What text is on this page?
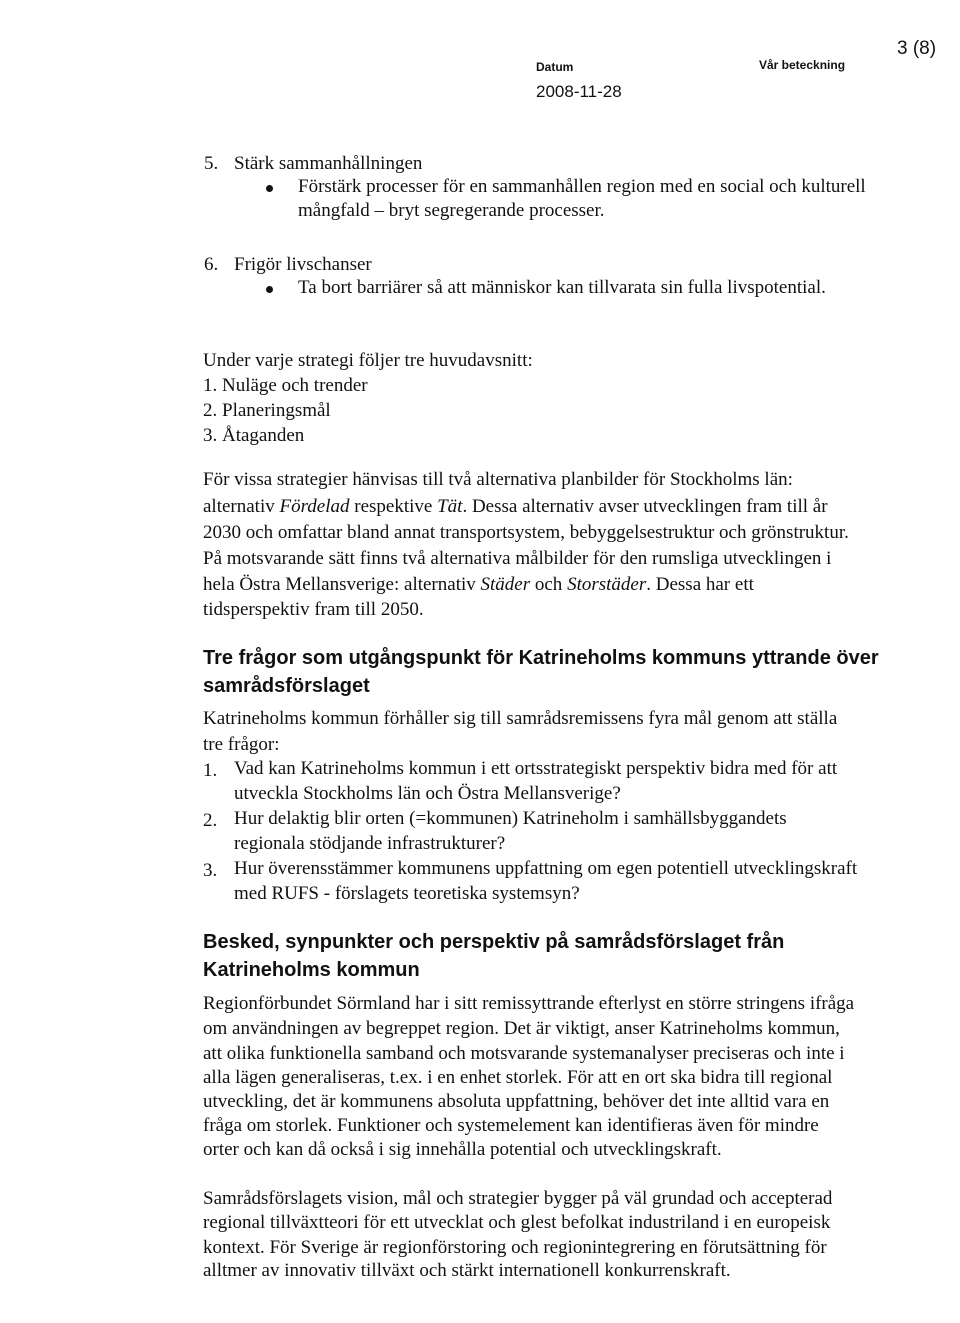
Datum	Vår beteckning
3 (8)
2008-11-28
5. Stärk sammanhållningen
Förstärk processer för en sammanhållen region med en social och kulturell
mångfald – bryt segregerande processer.
6. Frigör livschanser
Ta bort barriärer så att människor kan tillvarata sin fulla livspotential.
Under varje strategi följer tre huvudavsnitt:
1. Nuläge och trender
2. Planeringsmål
3. Åtaganden
För vissa strategier hänvisas till två alternativa planbilder för Stockholms län:
alternativ Fördelad respektive Tät. Dessa alternativ avser utvecklingen fram till år
2030 och omfattar bland annat transportsystem, bebyggelsestruktur och grönstruktur.
På motsvarande sätt finns två alternativa målbilder för den rumsliga utvecklingen i
hela Östra Mellansverige: alternativ Städer och Storstäder. Dessa har ett
tidsperspektiv fram till 2050.
Tre frågor som utgångspunkt för Katrineholms kommuns yttrande över
samrådsförslaget
Katrineholms kommun förhåller sig till samrådsremissens fyra mål genom att ställa
tre frågor:
1. Vad kan Katrineholms kommun i ett ortsstrategiskt perspektiv bidra med för att
utveckla Stockholms län och Östra Mellansverige?
2. Hur delaktig blir orten (=kommunen) Katrineholm i samhällsbyggandets
regionala stödjande infrastrukturer?
3. Hur överensstämmer kommunens uppfattning om egen potentiell utvecklingskraft
med RUFS - förslagets teoretiska systemsyn?
Besked, synpunkter och perspektiv på samrådsförslaget från
Katrineholms kommun
Regionförbundet Sörmland har i sitt remissyttrande efterlyst en större stringens ifråga
om användningen av begreppet region. Det är viktigt, anser Katrineholms kommun,
att olika funktionella samband och motsvarande systemanalyser preciseras och inte i
alla lägen generaliseras, t.ex. i en enhet storlek. För att en ort ska bidra till regional
utveckling, det är kommunens absoluta uppfattning, behöver det inte alltid vara en
fråga om storlek. Funktioner och systemelement kan identifieras även för mindre
orter och kan då också i sig innehålla potential och utvecklingskraft.
Samrådsförslagets vision, mål och strategier bygger på väl grundad och accepterad
regional tillväxtteori för ett utvecklat och glest befolkat industriland i en europeisk
kontext. För Sverige är regionförstoring och regionintegrering en förutsättning för
alltmer av innovativ tillväxt och stärkt internationell konkurrenskraft.
